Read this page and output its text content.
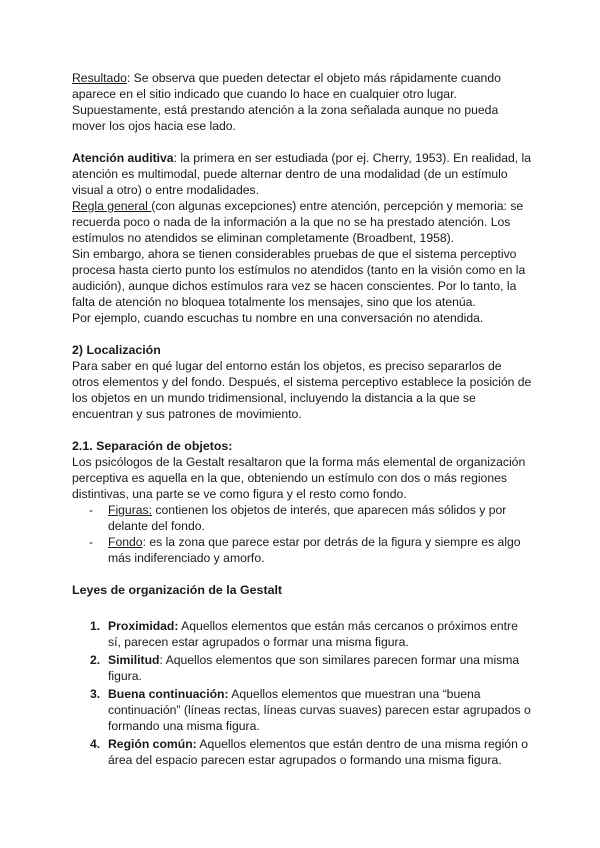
Resultado: Se observa que pueden detectar el objeto más rápidamente cuando aparece en el sitio indicado que cuando lo hace en cualquier otro lugar. Supuestamente, está prestando atención a la zona señalada aunque no pueda mover los ojos hacia ese lado.

Atención auditiva: la primera en ser estudiada (por ej. Cherry, 1953). En realidad, la atención es multimodal, puede alternar dentro de una modalidad (de un estímulo visual a otro) o entre modalidades.

Regla general (con algunas excepciones) entre atención, percepción y memoria: se recuerda poco o nada de la información a la que no se ha prestado atención. Los estímulos no atendidos se eliminan completamente (Broadbent, 1958).

Sin embargo, ahora se tienen considerables pruebas de que el sistema perceptivo procesa hasta cierto punto los estímulos no atendidos (tanto en la visión como en la audición), aunque dichos estímulos rara vez se hacen conscientes. Por lo tanto, la falta de atención no bloquea totalmente los mensajes, sino que los atenúa.

Por ejemplo, cuando escuchas tu nombre en una conversación no atendida.

2) Localización

Para saber en qué lugar del entorno están los objetos, es preciso separarlos de otros elementos y del fondo. Después, el sistema perceptivo establece la posición de los objetos en un mundo tridimensional, incluyendo la distancia a la que se encuentran y sus patrones de movimiento.

2.1. Separación de objetos:

Los psicólogos de la Gestalt resaltaron que la forma más elemental de organización perceptiva es aquella en la que, obteniendo un estímulo con dos o más regiones distintivas, una parte se ve como figura y el resto como fondo.

- Figuras: contienen los objetos de interés, que aparecen más sólidos y por delante del fondo.
- Fondo: es la zona que parece estar por detrás de la figura y siempre es algo más indiferenciado y amorfo.
Leyes de organización de la Gestalt
1. Proximidad: Aquellos elementos que están más cercanos o próximos entre sí, parecen estar agrupados o formar una misma figura.
2. Similitud: Aquellos elementos que son similares parecen formar una misma figura.
3. Buena continuación: Aquellos elementos que muestran una “buena continuación” (líneas rectas, líneas curvas suaves) parecen estar agrupados o formando una misma figura.
4. Región común: Aquellos elementos que están dentro de una misma región o área del espacio parecen estar agrupados o formando una misma figura.
